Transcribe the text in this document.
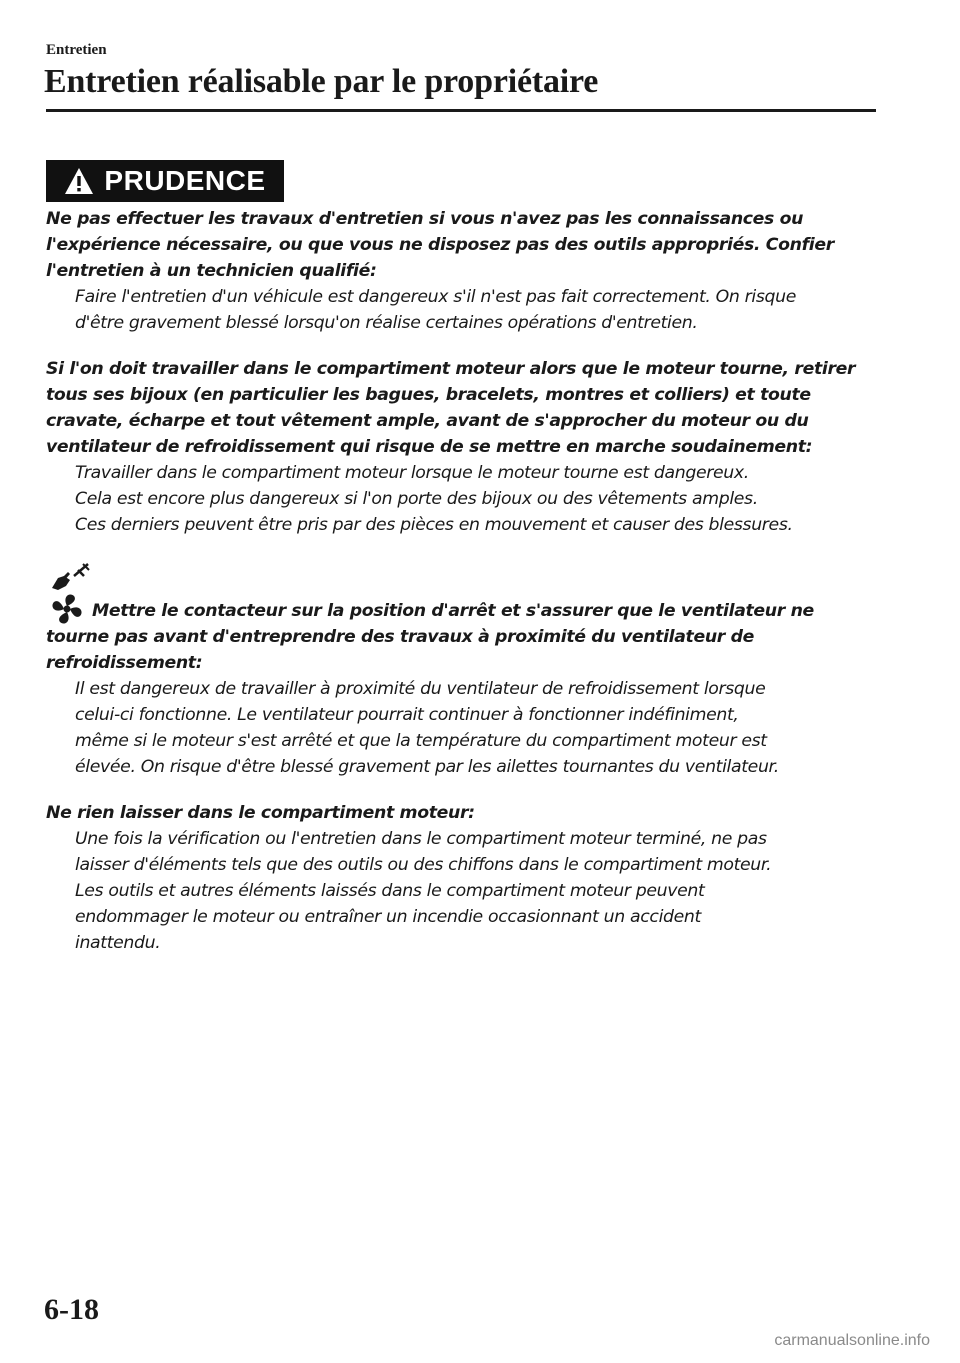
Entretien
Entretien réalisable par le propriétaire
PRUDENCE
Ne pas effectuer les travaux d'entretien si vous n'avez pas les connaissances ou
l'expérience nécessaire, ou que vous ne disposez pas des outils appropriés. Confier
l'entretien à un technicien qualifié:
Faire l'entretien d'un véhicule est dangereux s'il n'est pas fait correctement. On risque
d'être gravement blessé lorsqu'on réalise certaines opérations d'entretien.
Si l'on doit travailler dans le compartiment moteur alors que le moteur tourne, retirer
tous ses bijoux (en particulier les bagues, bracelets, montres et colliers) et toute
cravate, écharpe et tout vêtement ample, avant de s'approcher du moteur ou du
ventilateur de refroidissement qui risque de se mettre en marche soudainement:
Travailler dans le compartiment moteur lorsque le moteur tourne est dangereux.
Cela est encore plus dangereux si l'on porte des bijoux ou des vêtements amples.
Ces derniers peuvent être pris par des pièces en mouvement et causer des blessures.
Mettre le contacteur sur la position d'arrêt et s'assurer que le ventilateur ne
tourne pas avant d'entreprendre des travaux à proximité du ventilateur de
refroidissement:
Il est dangereux de travailler à proximité du ventilateur de refroidissement lorsque
celui-ci fonctionne. Le ventilateur pourrait continuer à fonctionner indéfiniment,
même si le moteur s'est arrêté et que la température du compartiment moteur est
élevée. On risque d'être blessé gravement par les ailettes tournantes du ventilateur.
Ne rien laisser dans le compartiment moteur:
Une fois la vérification ou l'entretien dans le compartiment moteur terminé, ne pas
laisser d'éléments tels que des outils ou des chiffons dans le compartiment moteur.
Les outils et autres éléments laissés dans le compartiment moteur peuvent
endommager le moteur ou entraîner un incendie occasionnant un accident
inattendu.
6-18
carmanualsonline.info
